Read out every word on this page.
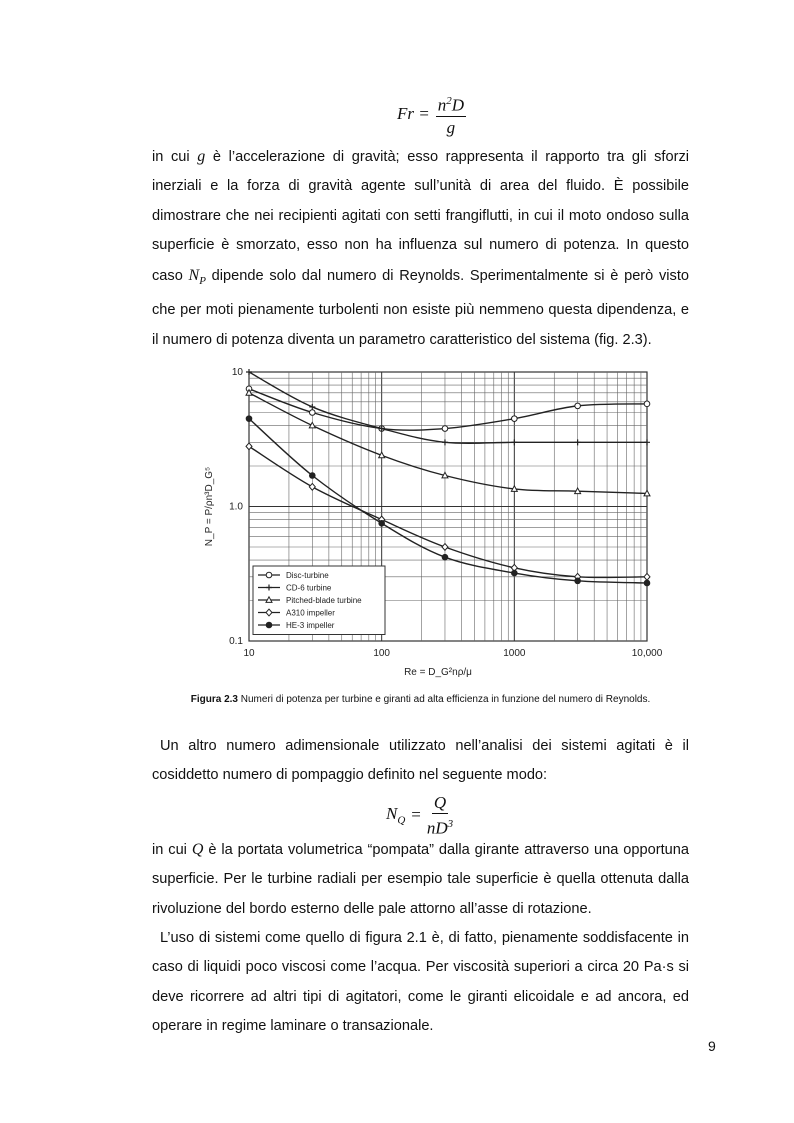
$Fr = \frac{n^2D}{g}$

in cui g è l’accelerazione di gravità; esso rappresenta il rapporto tra gli sforzi inerziali e la forza di gravità agente sull’unità di area del fluido. È possibile dimostrare che nei recipienti agitati con setti frangiflutti, in cui il moto ondoso sulla superficie è smorzato, esso non ha influenza sul numero di potenza. In questo caso $N_P$ dipende solo dal numero di Reynolds. Sperimentalmente si è però visto che per moti pienamente turbolenti non esiste più nemmeno questa dipendenza, e il numero di potenza diventa un parametro caratteristico del sistema (fig. 2.3).

10	100	1000	10,000
0.1
1.0
10
Disc-turbine
CD-6 turbine
Pitched-blade turbine
A310 impeller
HE-3 impeller
N_P = P/ρn³D_G⁵
Re = D_G²nρ/μ
Figura 2.3 Numeri di potenza per turbine e giranti ad alta efficienza in funzione del numero di Reynolds.

Un altro numero adimensionale utilizzato nell’analisi dei sistemi agitati è il cosiddetto numero di pompaggio definito nel seguente modo:

$N_Q = \frac{Q}{nD^3}$

in cui Q è la portata volumetrica “pompata” dalla girante attraverso una opportuna superficie. Per le turbine radiali per esempio tale superficie è quella ottenuta dalla rivoluzione del bordo esterno delle pale attorno all’asse di rotazione.

L’uso di sistemi come quello di figura 2.1 è, di fatto, pienamente soddisfacente in caso di liquidi poco viscosi come l’acqua. Per viscosità superiori a circa 20 Pa·s si deve ricorrere ad altri tipi di agitatori, come le giranti elicoidale e ad ancora, ed operare in regime laminare o transazionale.

9
